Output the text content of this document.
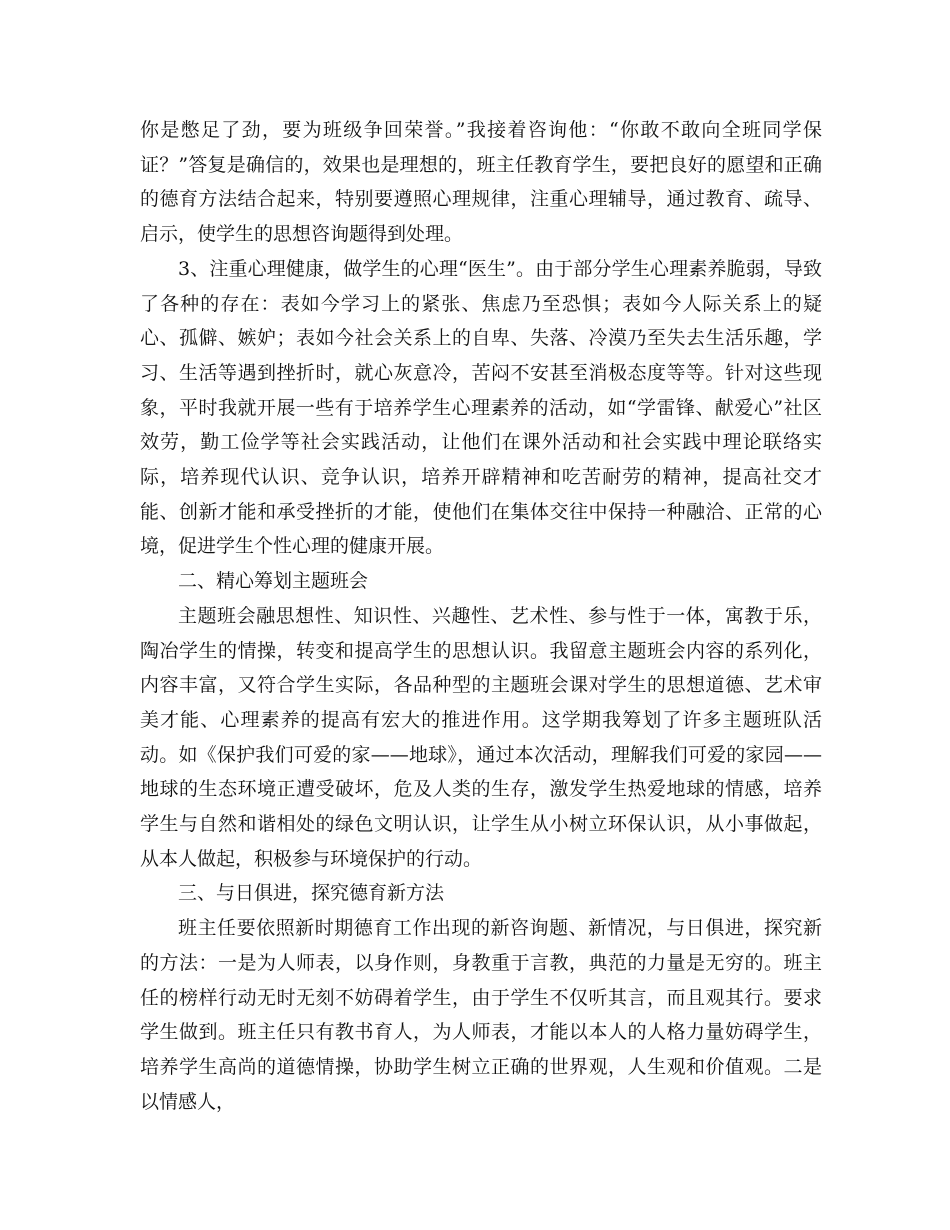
你是憋足了劲，要为班级争回荣誉。”我接着咨询他：“你敢不敢向全班同学保证？”答复是确信的，效果也是理想的，班主任教育学生，要把良好的愿望和正确的德育方法结合起来，特别要遵照心理规律，注重心理辅导，通过教育、疏导、启示，使学生的思想咨询题得到处理。

3、注重心理健康，做学生的心理“医生”。由于部分学生心理素养脆弱，导致了各种的存在：表如今学习上的紧张、焦虑乃至恐惧；表如今人际关系上的疑心、孤僻、嫉妒；表如今社会关系上的自卑、失落、冷漠乃至失去生活乐趣，学习、生活等遇到挫折时，就心灰意冷，苦闷不安甚至消极态度等等。针对这些现象，平时我就开展一些有于培养学生心理素养的活动，如“学雷锋、献爱心”社区效劳，勤工俭学等社会实践活动，让他们在课外活动和社会实践中理论联络实际，培养现代认识、竞争认识，培养开辟精神和吃苦耐劳的精神，提高社交才能、创新才能和承受挫折的才能，使他们在集体交往中保持一种融洽、正常的心境，促进学生个性心理的健康开展。

二、精心筹划主题班会

主题班会融思想性、知识性、兴趣性、艺术性、参与性于一体，寓教于乐，陶冶学生的情操，转变和提高学生的思想认识。我留意主题班会内容的系列化，内容丰富，又符合学生实际，各品种型的主题班会课对学生的思想道德、艺术审美才能、心理素养的提高有宏大的推进作用。这学期我筹划了许多主题班队活动。如《保护我们可爱的家——地球》，通过本次活动，理解我们可爱的家园——地球的生态环境正遭受破坏，危及人类的生存，激发学生热爱地球的情感，培养学生与自然和谐相处的绿色文明认识，让学生从小树立环保认识，从小事做起，从本人做起，积极参与环境保护的行动。

三、与日俱进，探究德育新方法

班主任要依照新时期德育工作出现的新咨询题、新情况，与日俱进，探究新的方法：一是为人师表，以身作则，身教重于言教，典范的力量是无穷的。班主任的榜样行动无时无刻不妨碍着学生，由于学生不仅听其言，而且观其行。要求学生做到。班主任只有教书育人，为人师表，才能以本人的人格力量妨碍学生，培养学生高尚的道德情操，协助学生树立正确的世界观，人生观和价值观。二是以情感人，
